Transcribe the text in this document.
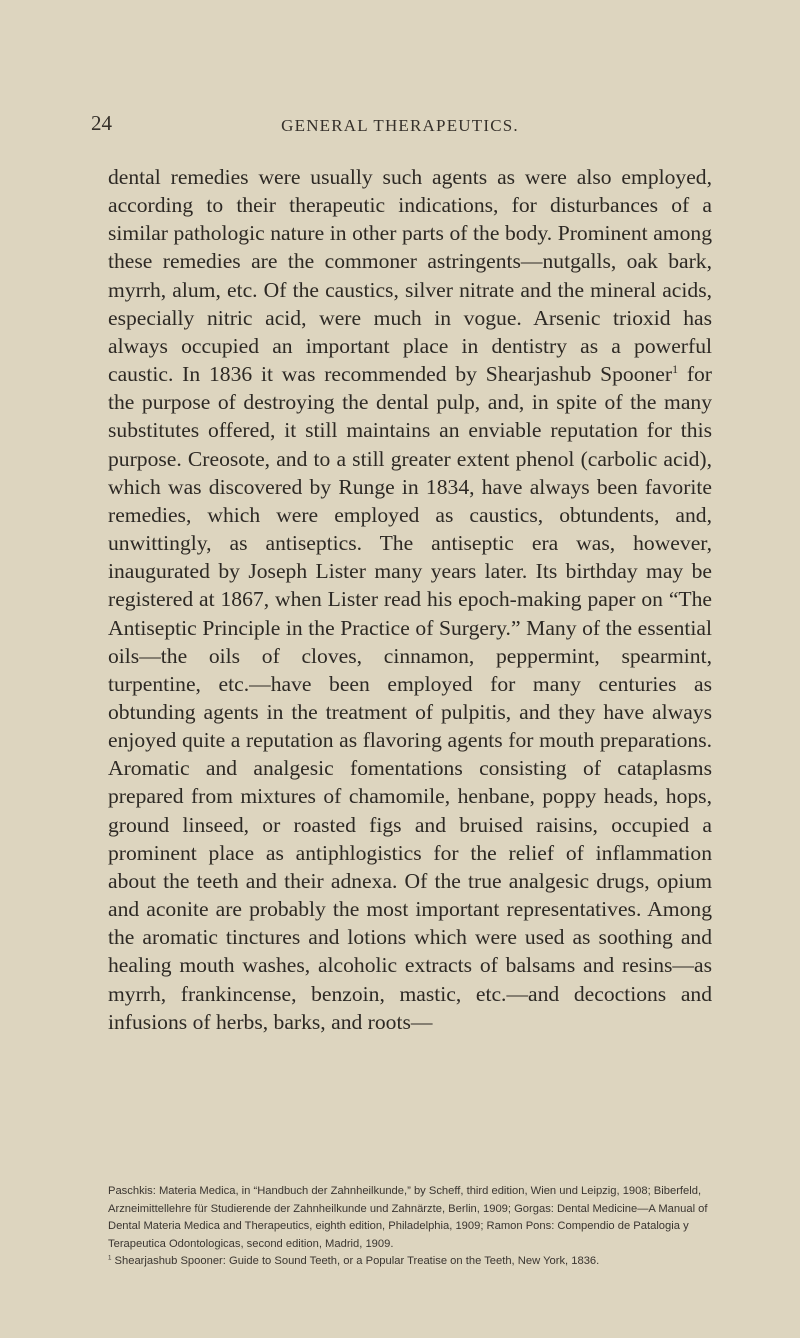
24	GENERAL THERAPEUTICS.

dental remedies were usually such agents as were also employed, according to their therapeutic indications, for disturbances of a similar pathologic nature in other parts of the body. Prominent among these remedies are the commoner astringents—nutgalls, oak bark, myrrh, alum, etc. Of the caustics, silver nitrate and the mineral acids, especially nitric acid, were much in vogue. Arsenic trioxid has always occupied an important place in dentistry as a powerful caustic. In 1836 it was recommended by Shearjashub Spooner$^1$ for the purpose of destroying the dental pulp, and, in spite of the many substitutes offered, it still maintains an enviable reputation for this purpose. Creosote, and to a still greater extent phenol (carbolic acid), which was discovered by Runge in 1834, have always been favorite remedies, which were employed as caustics, obtundents, and, unwittingly, as antiseptics. The antiseptic era was, however, inaugurated by Joseph Lister many years later. Its birthday may be registered at 1867, when Lister read his epoch-making paper on “The Antiseptic Principle in the Practice of Surgery.” Many of the essential oils—the oils of cloves, cinnamon, peppermint, spearmint, turpentine, etc.—have been employed for many centuries as obtunding agents in the treatment of pulpitis, and they have always enjoyed quite a reputation as flavoring agents for mouth preparations. Aromatic and analgesic fomentations consisting of cataplasms prepared from mixtures of chamomile, henbane, poppy heads, hops, ground linseed, or roasted figs and bruised raisins, occupied a prominent place as antiphlogistics for the relief of inflammation about the teeth and their adnexa. Of the true analgesic drugs, opium and aconite are probably the most important representatives. Among the aromatic tinctures and lotions which were used as soothing and healing mouth washes, alcoholic extracts of balsams and resins—as myrrh, frankincense, benzoin, mastic, etc.—and decoctions and infusions of herbs, barks, and roots—

Paschkis: Materia Medica, in “Handbuch der Zahnheilkunde,” by Scheff, third edition, Wien und Leipzig, 1908; Biberfeld, Arzneimittellehre für Studierende der Zahnheilkunde und Zahnärzte, Berlin, 1909; Gorgas: Dental Medicine—A Manual of Dental Materia Medica and Therapeutics, eighth edition, Philadelphia, 1909; Ramon Pons: Compendio de Patalogia y Terapeutica Odontologicas, second edition, Madrid, 1909.

$^1$ Shearjashub Spooner: Guide to Sound Teeth, or a Popular Treatise on the Teeth, New York, 1836.
